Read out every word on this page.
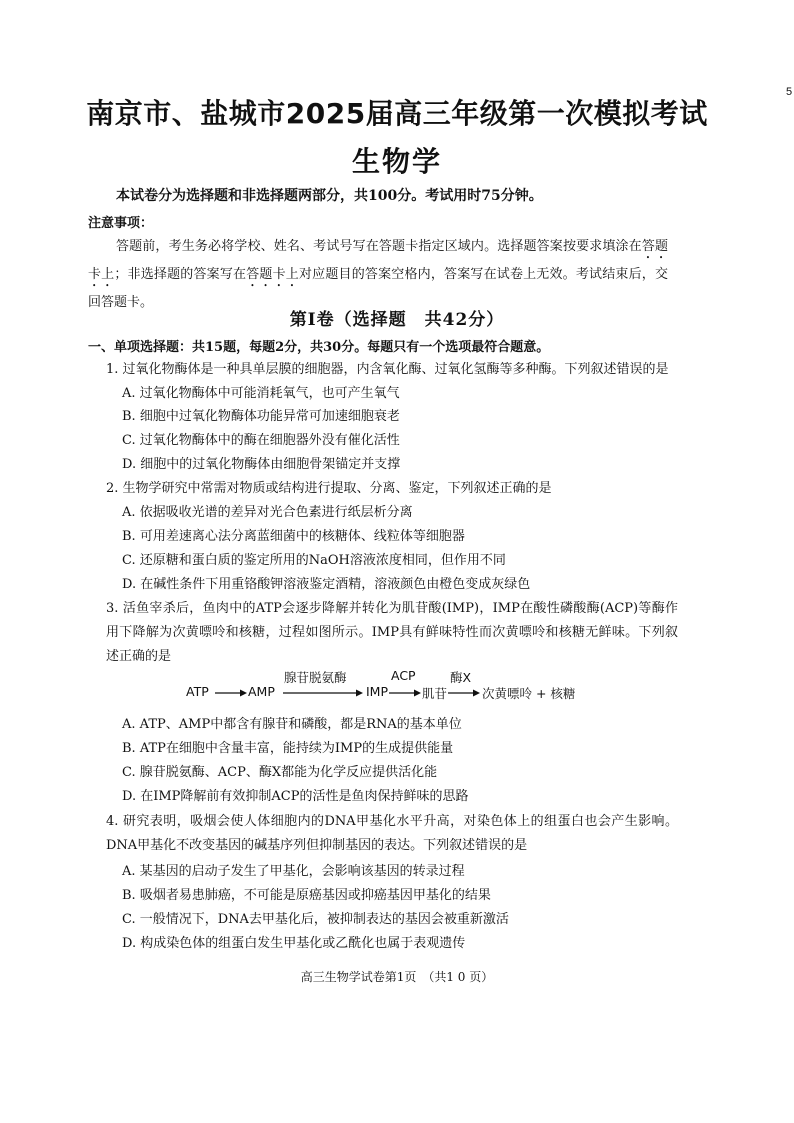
5
南京市、盐城市2025届高三年级第一次模拟考试
生物学
本试卷分为选择题和非选择题两部分，共100分。考试用时75分钟。
注意事项：
答题前，考生务必将学校、姓名、考试号写在答题卡指定区域内。选择题答案按要求填涂在答题卡上；非选择题的答案写在答题卡上对应题目的答案空格内，答案写在试卷上无效。考试结束后，交回答题卡。
第Ⅰ卷（选择题　共42分）
一、单项选择题：共15题，每题2分，共30分。每题只有一个选项最符合题意。
1. 过氧化物酶体是一种具单层膜的细胞器，内含氧化酶、过氧化氢酶等多种酶。下列叙述错误的是
A. 过氧化物酶体中可能消耗氧气，也可产生氧气
B. 细胞中过氧化物酶体功能异常可加速细胞衰老
C. 过氧化物酶体中的酶在细胞器外没有催化活性
D. 细胞中的过氧化物酶体由细胞骨架锚定并支撑
2. 生物学研究中常需对物质或结构进行提取、分离、鉴定，下列叙述正确的是
A. 依据吸收光谱的差异对光合色素进行纸层析分离
B. 可用差速离心法分离蓝细菌中的核糖体、线粒体等细胞器
C. 还原糖和蛋白质的鉴定所用的NaOH溶液浓度相同，但作用不同
D. 在碱性条件下用重铬酸钾溶液鉴定酒精，溶液颜色由橙色变成灰绿色
3. 活鱼宰杀后，鱼肉中的ATP会逐步降解并转化为肌苷酸(IMP)，IMP在酸性磷酸酶(ACP)等酶作用下降解为次黄嘌呤和核糖，过程如图所示。IMP具有鲜味特性而次黄嘌呤和核糖无鲜味。下列叙述正确的是
ATP	AMP
腺苷脱氨酶
IMP
ACP
肌苷
酶X
次黄嘌呤 + 核糖
A. ATP、AMP中都含有腺苷和磷酸，都是RNA的基本单位
B. ATP在细胞中含量丰富，能持续为IMP的生成提供能量
C. 腺苷脱氨酶、ACP、酶X都能为化学反应提供活化能
D. 在IMP降解前有效抑制ACP的活性是鱼肉保持鲜味的思路
4. 研究表明，吸烟会使人体细胞内的DNA甲基化水平升高，对染色体上的组蛋白也会产生影响。DNA甲基化不改变基因的碱基序列但抑制基因的表达。下列叙述错误的是
A. 某基因的启动子发生了甲基化，会影响该基因的转录过程
B. 吸烟者易患肺癌，不可能是原癌基因或抑癌基因甲基化的结果
C. 一般情况下，DNA去甲基化后，被抑制表达的基因会被重新激活
D. 构成染色体的组蛋白发生甲基化或乙酰化也属于表观遗传
高三生物学试卷第1页　（共1 0 页）
